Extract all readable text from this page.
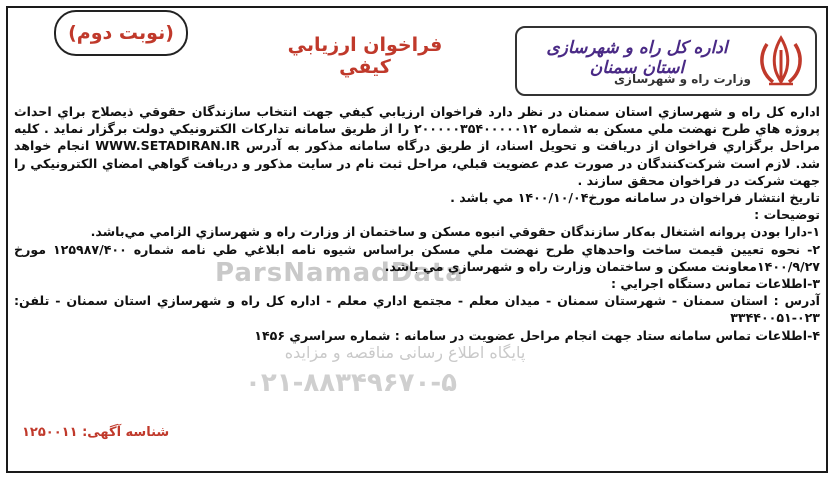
ParsNamadData
پایگاه اطلاع رسانی مناقصه و مزایده
۰۲۱-۸۸۳۴۹۶۷۰-۵
(نوبت دوم)
فراخوان ارزيابي كيفي
اداره کل راه و شهرسازی استان سمنان
وزارت راه و شهرسازی

اداره كل راه و شهرسازي استان سمنان در نظر دارد فراخوان ارزيابي كيفي جهت انتخاب سازندگان حقوقي ذيصلاح براي احداث پروژه هاي طرح نهضت ملي مسكن به شماره ۲۰۰۰۰۰۳۵۴۰۰۰۰۰۱۲ را از طريق سامانه تداركات الكترونيكي دولت برگزار نمايد . كليه مراحل برگزاري فراخوان از دريافت و تحويل اسناد، از طريق درگاه سامانه مذكور به آدرس WWW.SETADIRAN.IR انجام خواهد شد. لازم است شركت‌كنندگان در صورت عدم عضويت قبلي، مراحل ثبت نام در سايت مذكور و دريافت گواهي امضاي الكترونيكي را جهت شركت در فراخوان محقق سازند .

تاريخ انتشار فراخوان در سامانه مورخ۱۴۰۰/۱۰/۰۴ مي باشد .

توضيحات :

۱-دارا بودن پروانه اشتغال به‌كار سازندگان حقوقي انبوه مسكن و ساختمان از وزارت راه و شهرسازي الزامي مي‌باشد.

۲- نحوه تعيين قيمت ساخت واحدهاي طرح نهضت ملي مسكن براساس شيوه نامه ابلاغي طي نامه شماره ۱۲۵۹۸۷/۴۰۰ مورخ ۱۴۰۰/۹/۲۷معاونت مسكن و ساختمان وزارت راه و شهرسازي مي باشد.

۳-اطلاعات تماس دستگاه اجرايي :

آدرس : استان سمنان - شهرستان سمنان - ميدان معلم - مجتمع اداري معلم - اداره كل راه و شهرسازي استان سمنان - تلفن: ۰۲۳-۳۳۴۴۰۰۵۱

۴-اطلاعات تماس سامانه ستاد جهت انجام مراحل عضويت در سامانه : شماره سراسري ۱۴۵۶

شناسه آگهی: ۱۲۵۰۰۱۱
